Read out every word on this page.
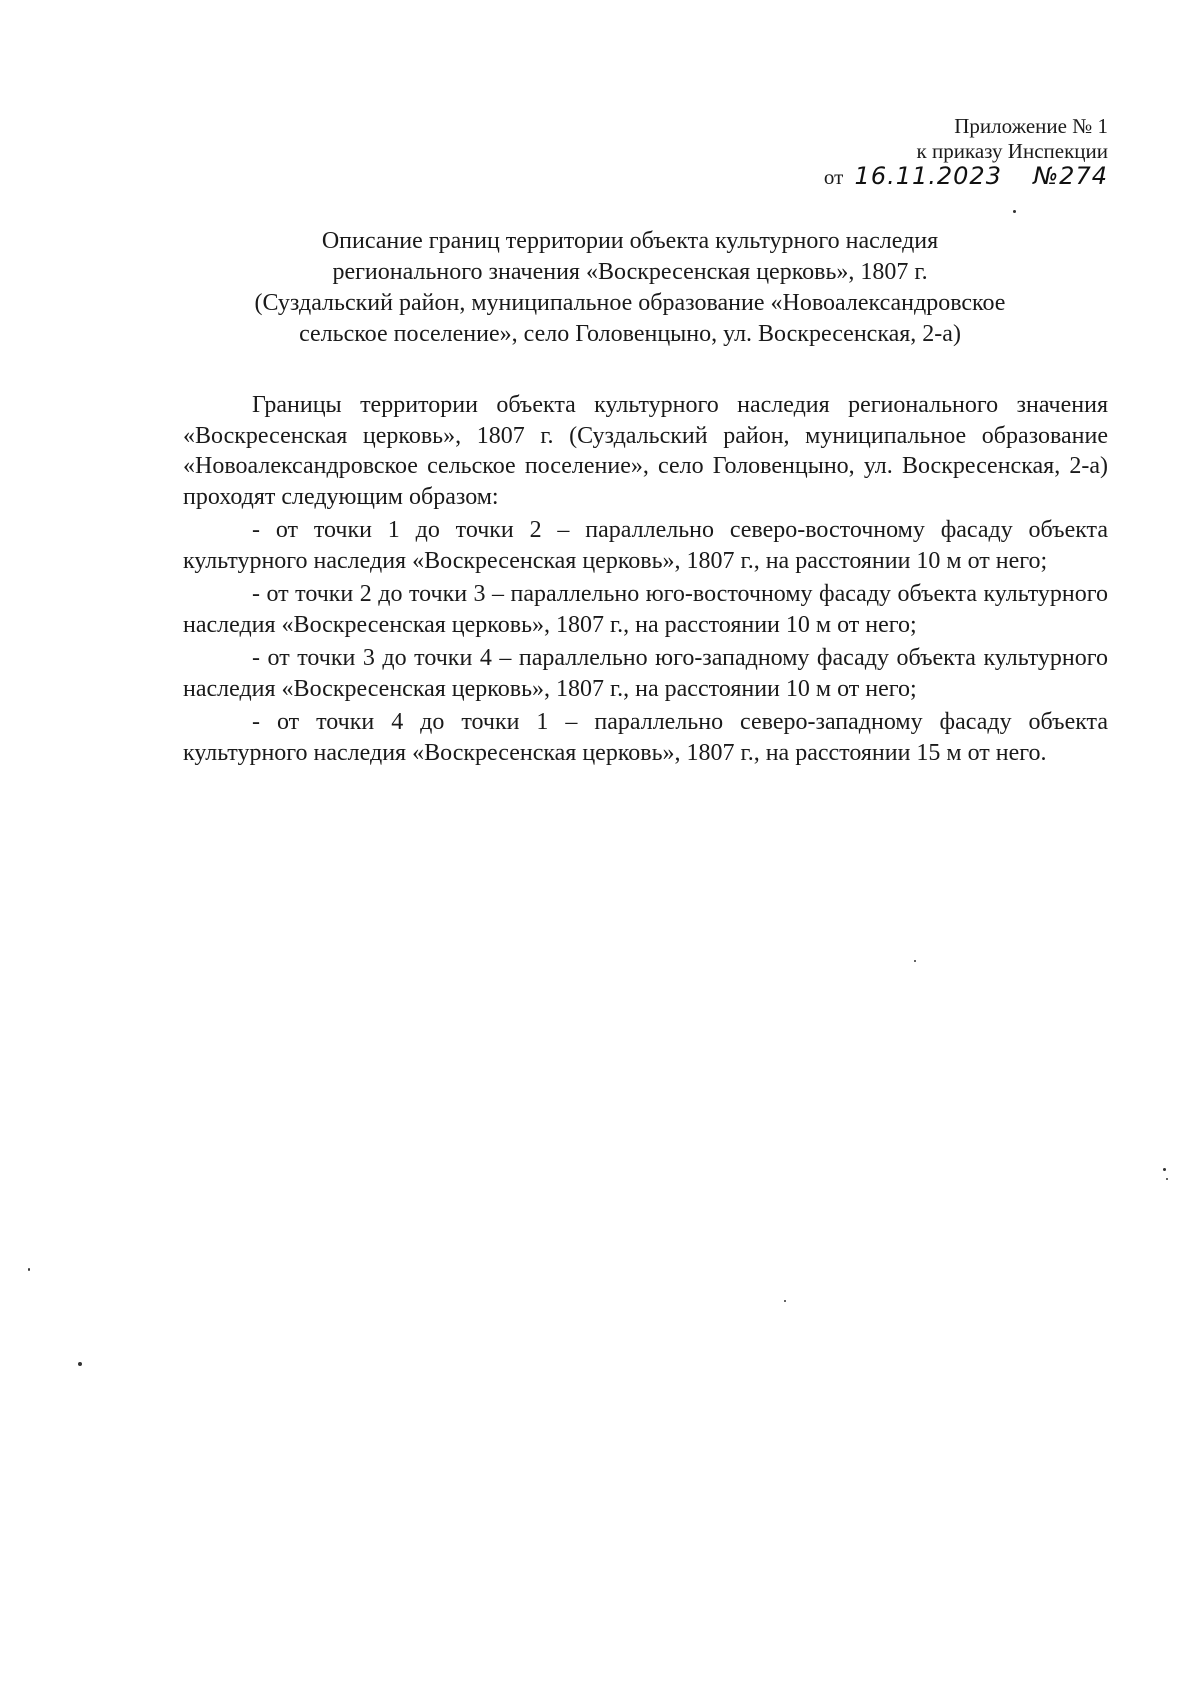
Приложение № 1
к приказу Инспекции
от 16.11.2023 №274
Описание границ территории объекта культурного наследия
регионального значения «Воскресенская церковь», 1807 г.
(Суздальский район, муниципальное образование «Новоалександровское
сельское поселение», село Головенцыно, ул. Воскресенская, 2-а)

Границы территории объекта культурного наследия регионального значения «Воскресенская церковь», 1807 г. (Суздальский район, муниципальное образование «Новоалександровское сельское поселение», село Головенцыно, ул. Воскресенская, 2-а) проходят следующим образом:

- от точки 1 до точки 2 – параллельно северо-восточному фасаду объекта культурного наследия «Воскресенская церковь», 1807 г., на расстоянии 10 м от него;

- от точки 2 до точки 3 – параллельно юго-восточному фасаду объекта культурного наследия «Воскресенская церковь», 1807 г., на расстоянии 10 м от него;

- от точки 3 до точки 4 – параллельно юго-западному фасаду объекта культурного наследия «Воскресенская церковь», 1807 г., на расстоянии 10 м от него;

- от точки 4 до точки 1 – параллельно северо-западному фасаду объекта культурного наследия «Воскресенская церковь», 1807 г., на расстоянии 15 м от него.
